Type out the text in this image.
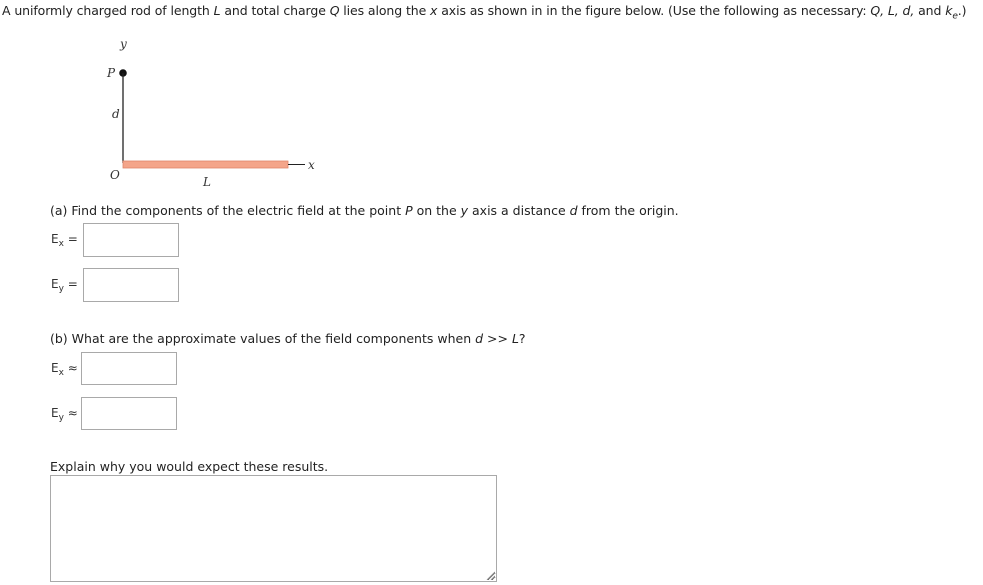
A uniformly charged rod of length L and total charge Q lies along the x axis as shown in in the figure below. (Use the following as necessary: Q, L, d, and $k_e$.)
y
P
d
x
O	L
(a) Find the components of the electric field at the point P on the y axis a distance d from the origin.
$E_x$ =
$E_y$ =
(b) What are the approximate values of the field components when d >> L?
$E_x$ ≈
$E_y$ ≈
Explain why you would expect these results.
